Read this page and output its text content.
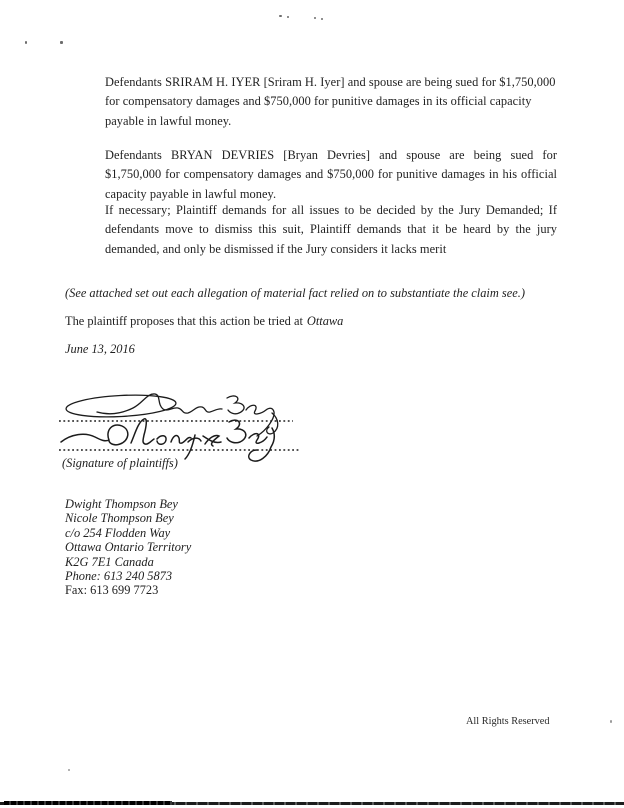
Defendants SRIRAM H. IYER [Sriram H. Iyer] and spouse are being sued for $1,750,000 for compensatory damages and $750,000 for punitive damages in its official capacity payable in lawful money.
Defendants BRYAN DEVRIES [Bryan Devries] and spouse are being sued for $1,750,000 for compensatory damages and $750,000 for punitive damages in his official capacity payable in lawful money.
If necessary; Plaintiff demands for all issues to be decided by the Jury Demanded; If defendants move to dismiss this suit, Plaintiff demands that it be heard by the jury demanded, and only be dismissed if the Jury considers it lacks merit
(See attached set out each allegation of material fact relied on to substantiate the claim see.)
The plaintiff proposes that this action be tried at Ottawa
June 13, 2016
(Signature of plaintiffs)
Dwight Thompson Bey
Nicole Thompson Bey
c/o 254 Flodden Way
Ottawa Ontario Territory
K2G 7E1 Canada
Phone: 613 240 5873
Fax: 613 699 7723
All Rights Reserved
